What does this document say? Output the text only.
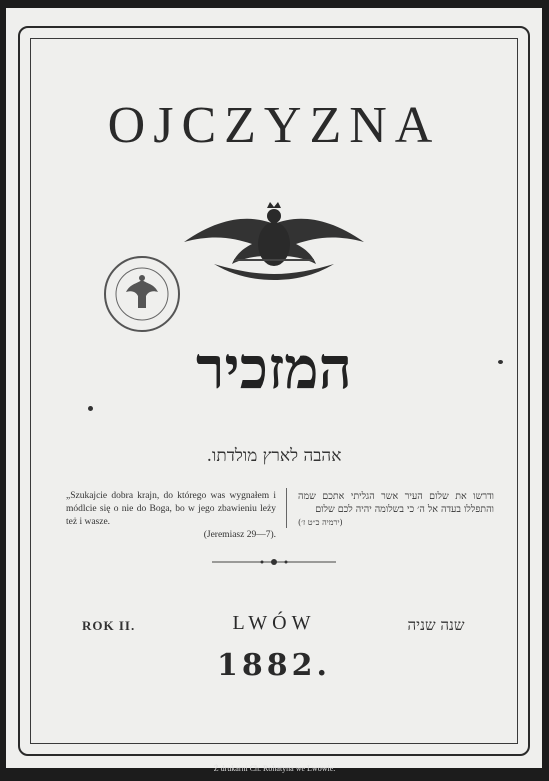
OJCZYZNA
המזכיר
אהבה לארץ מולדתו.
„Szukajcie dobra krajn, do którego was wygnałem i módlcie się o nie do Boga, bo w jego zbawieniu leży też i wasze.
(Jeremiasz 29—7).
ודרשו את שלום העיר אשר הגליתי אתכם שמה והתפללו בעדה אל ה׳ כי בשלומה יהיה לכם שלום
(ירמיה כ״ט ז׳)
ROK II.	LWÓW	שנה שניה
1882.
Ż drukarni Ch. Rohatyna we Lwowie.
